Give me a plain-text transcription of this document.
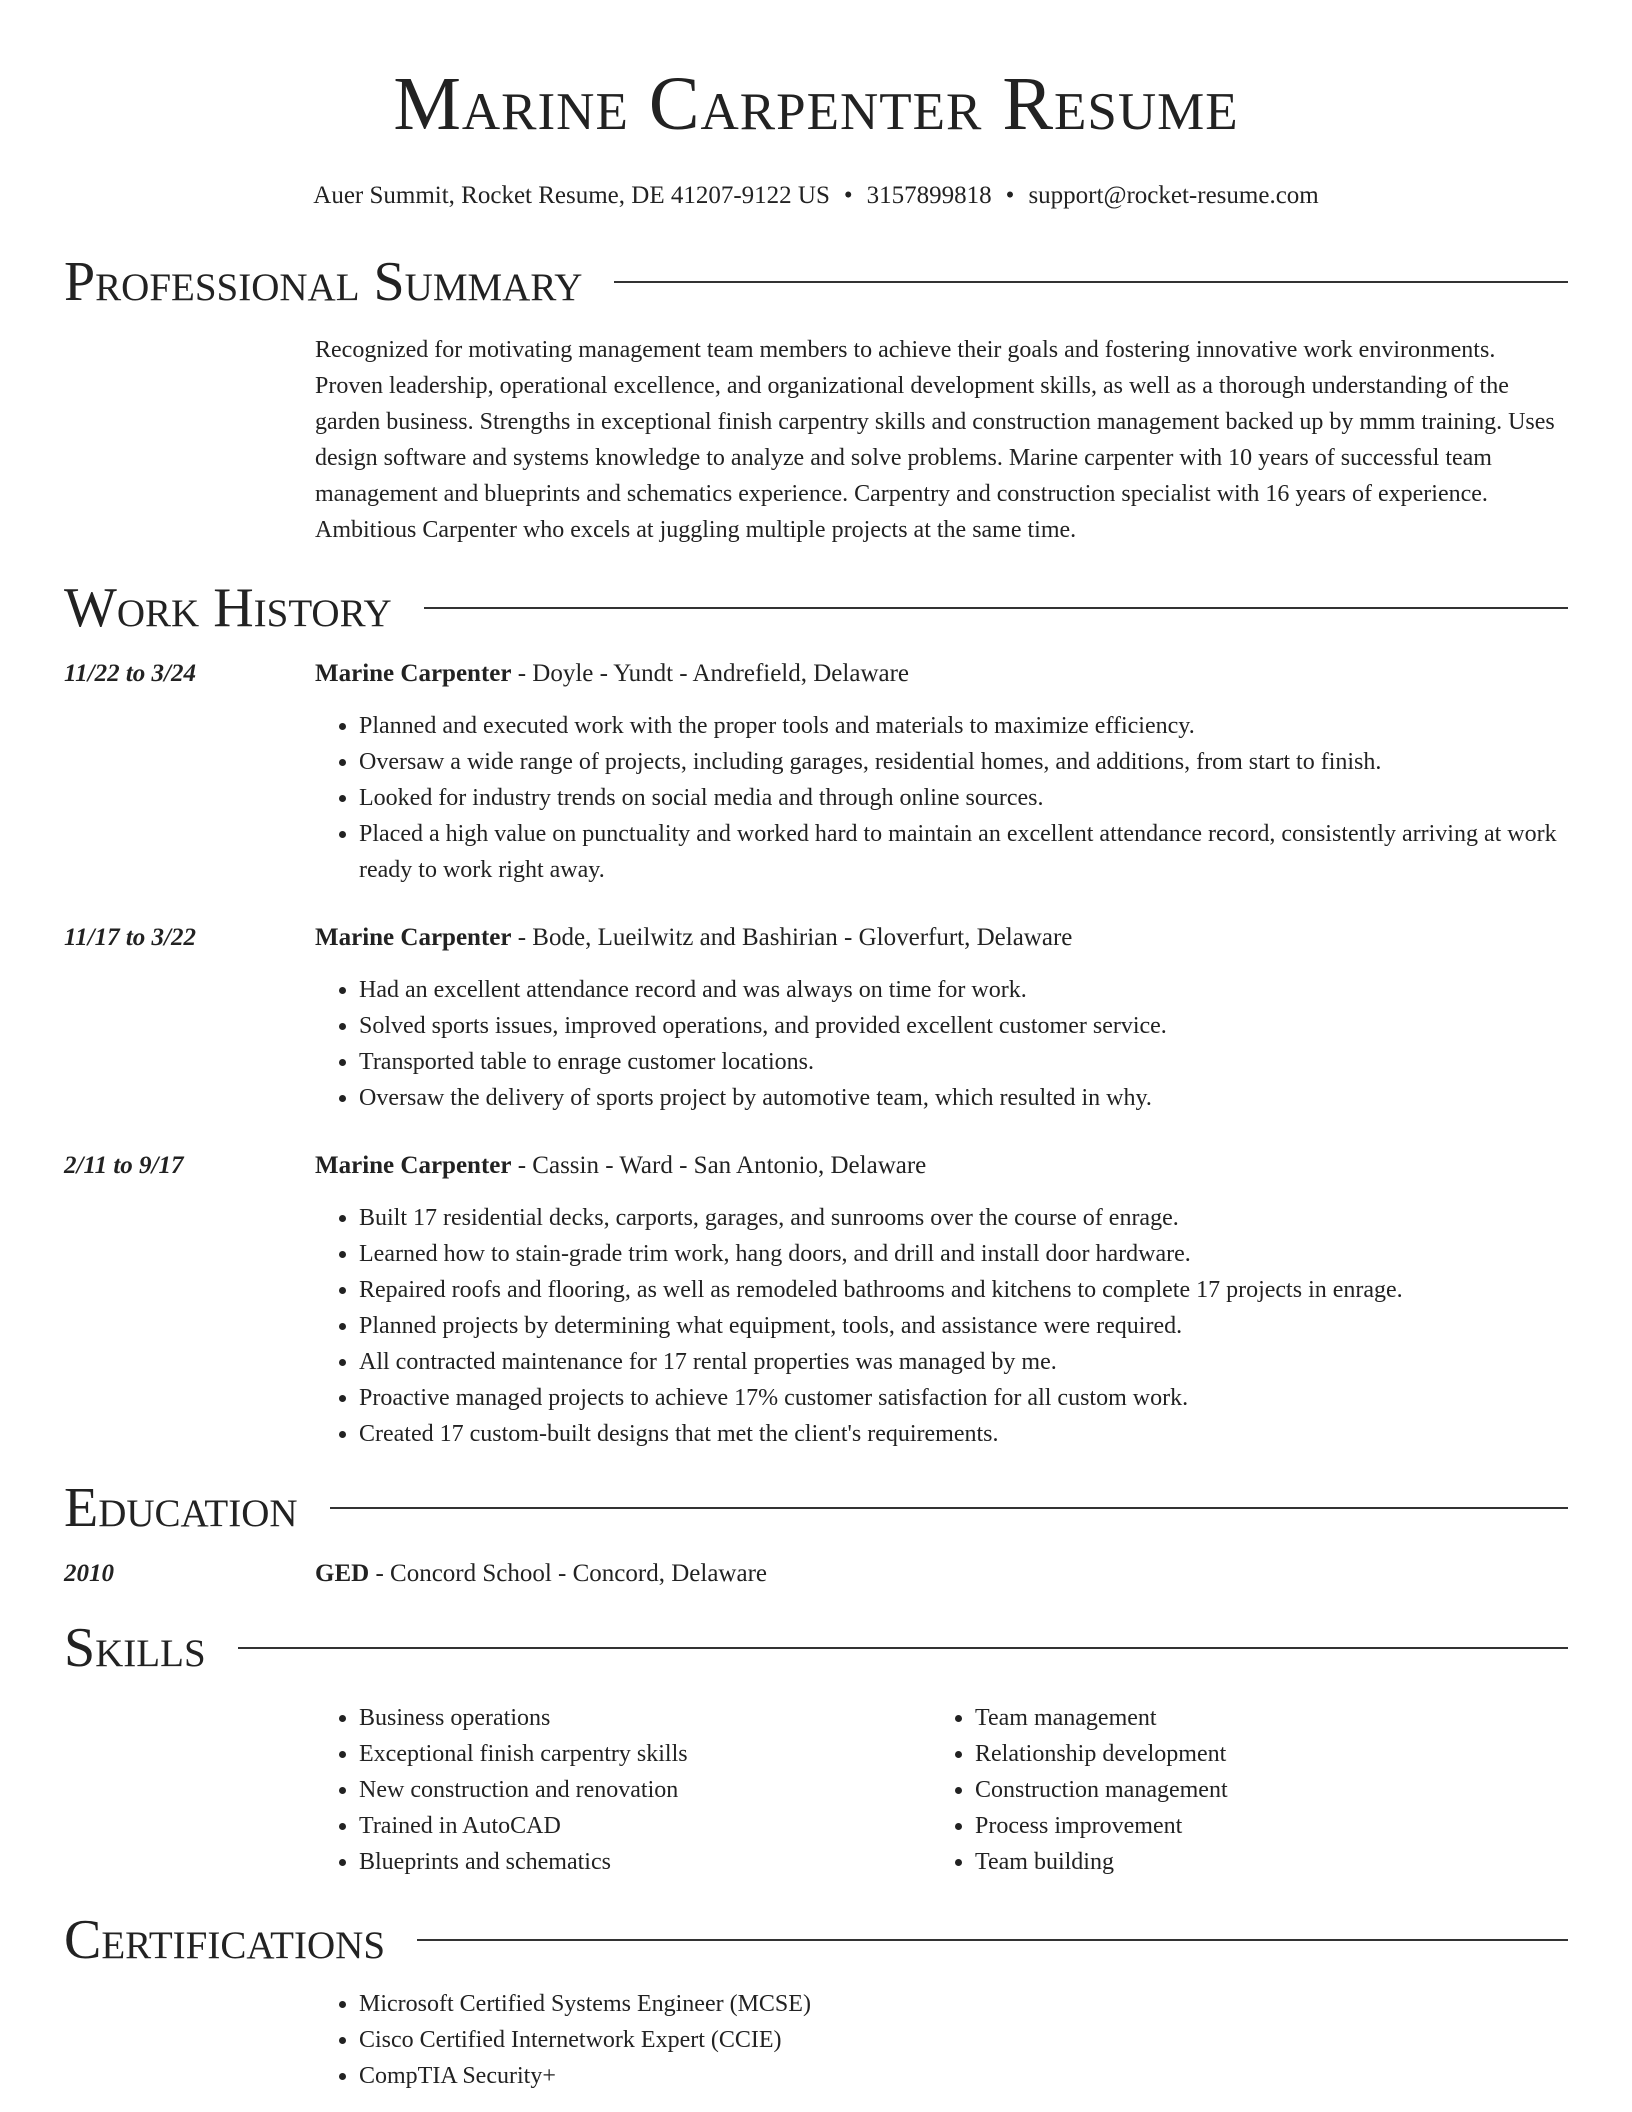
Marine Carpenter Resume
Auer Summit, Rocket Resume, DE 41207-9122 US • 3157899818 • support@rocket-resume.com
Professional Summary
Recognized for motivating management team members to achieve their goals and fostering innovative work environments. Proven leadership, operational excellence, and organizational development skills, as well as a thorough understanding of the garden business. Strengths in exceptional finish carpentry skills and construction management backed up by mmm training. Uses design software and systems knowledge to analyze and solve problems. Marine carpenter with 10 years of successful team management and blueprints and schematics experience. Carpentry and construction specialist with 16 years of experience. Ambitious Carpenter who excels at juggling multiple projects at the same time.
Work History
11/22 to 3/24	Marine Carpenter - Doyle - Yundt - Andrefield, Delaware
• Planned and executed work with the proper tools and materials to maximize efficiency.
• Oversaw a wide range of projects, including garages, residential homes, and additions, from start to finish.
• Looked for industry trends on social media and through online sources.
• Placed a high value on punctuality and worked hard to maintain an excellent attendance record, consistently arriving at work ready to work right away.
11/17 to 3/22	Marine Carpenter - Bode, Lueilwitz and Bashirian - Gloverfurt, Delaware
• Had an excellent attendance record and was always on time for work.
• Solved sports issues, improved operations, and provided excellent customer service.
• Transported table to enrage customer locations.
• Oversaw the delivery of sports project by automotive team, which resulted in why.
2/11 to 9/17	Marine Carpenter - Cassin - Ward - San Antonio, Delaware
• Built 17 residential decks, carports, garages, and sunrooms over the course of enrage.
• Learned how to stain-grade trim work, hang doors, and drill and install door hardware.
• Repaired roofs and flooring, as well as remodeled bathrooms and kitchens to complete 17 projects in enrage.
• Planned projects by determining what equipment, tools, and assistance were required.
• All contracted maintenance for 17 rental properties was managed by me.
• Proactive managed projects to achieve 17% customer satisfaction for all custom work.
• Created 17 custom-built designs that met the client's requirements.
Education
2010	GED - Concord School - Concord, Delaware
Skills
• Business operations
• Exceptional finish carpentry skills
• New construction and renovation
• Trained in AutoCAD
• Blueprints and schematics
• Team management
• Relationship development
• Construction management
• Process improvement
• Team building
Certifications
• Microsoft Certified Systems Engineer (MCSE)
• Cisco Certified Internetwork Expert (CCIE)
• CompTIA Security+
